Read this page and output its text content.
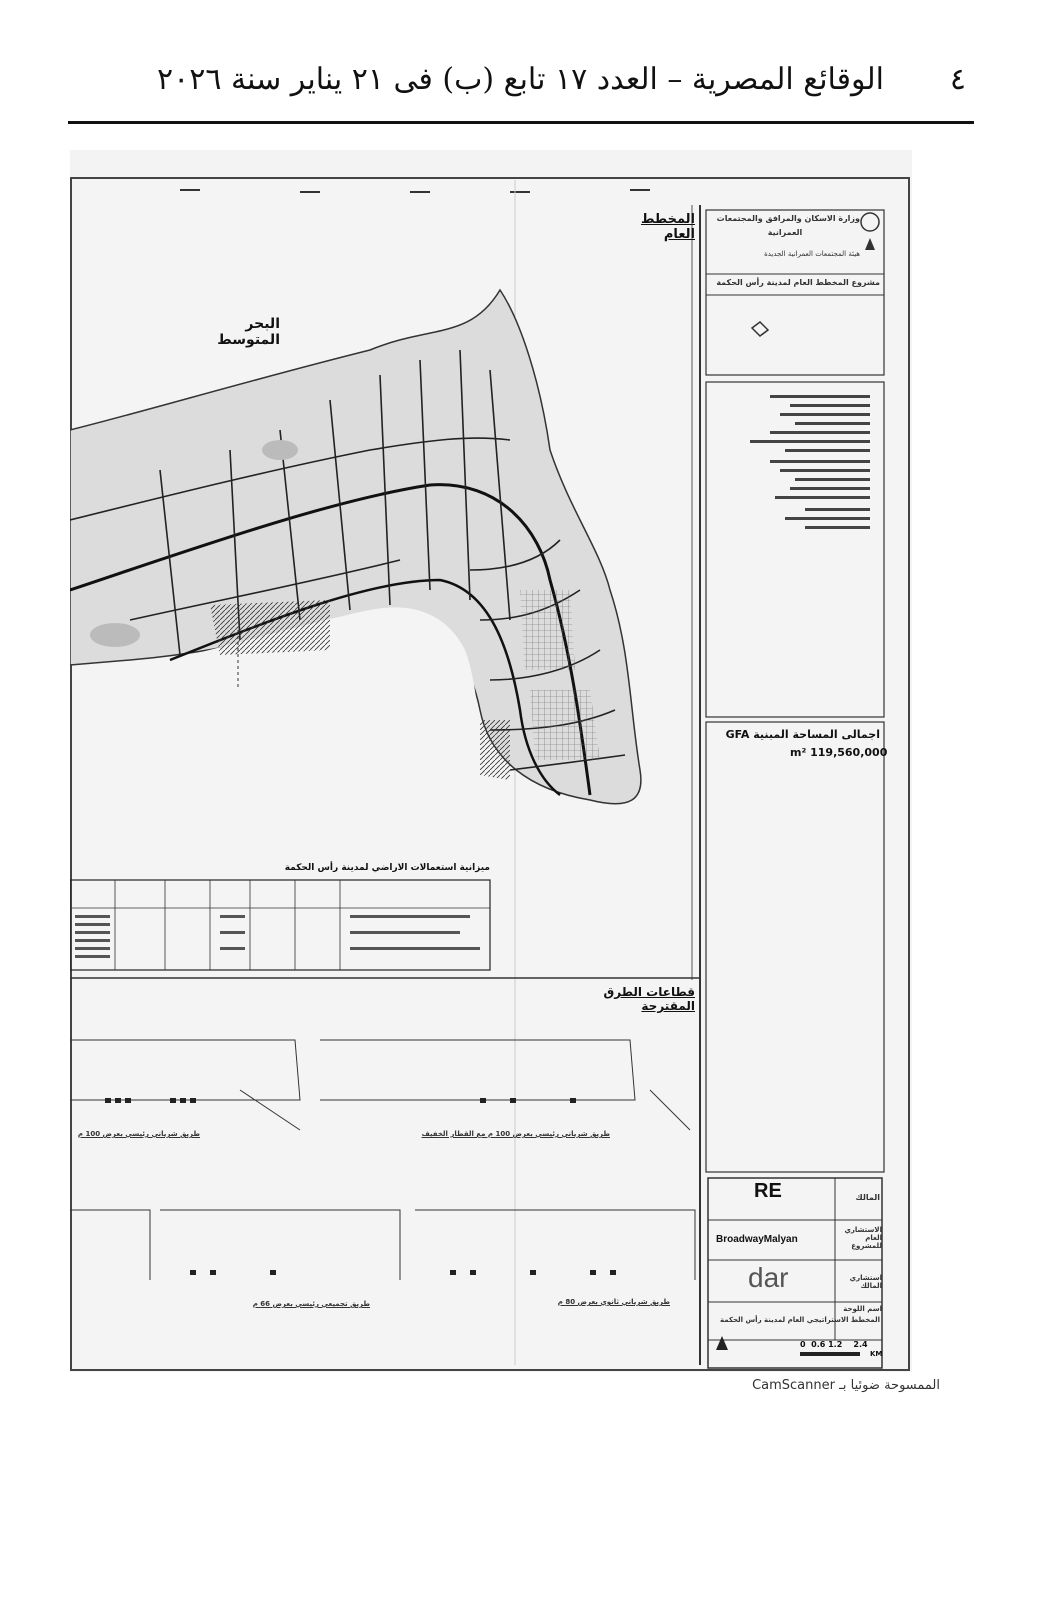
٤
الوقائع المصرية – العدد ١٧ تابع (ب) فى ٢١ يناير سنة ٢٠٢٦
المخطط العام
البحر المتوسط
وزارة الاسكان والمرافق والمجتمعات
العمرانية
هيئة المجتمعات العمرانية الجديدة
مشروع المخطط العام لمدينة رأس الحكمة
اجمالى المساحة المبنية GFA
m² 119,560,000
ميزانية استعمالات الاراضي لمدينة رأس الحكمة
قطاعات الطرق المقترحة
طريق شرياني رئيسي بعرض 100 م مع القطار الخفيف
طريق شرياني رئيسي بعرض 100 م
طريق تجميعي رئيسي بعرض 66 م	طريق شرياني ثانوي بعرض 80 م
المالك
RE
الاستشاري العام للمشروع
BroadwayMalyan
استشاري المالك
dar
اسم اللوحة
المخطط الاستراتيجي العام لمدينة رأس الحكمة
0  0.6 1.2    2.4
KM
الممسوحة ضوئيا بـ CamScanner
